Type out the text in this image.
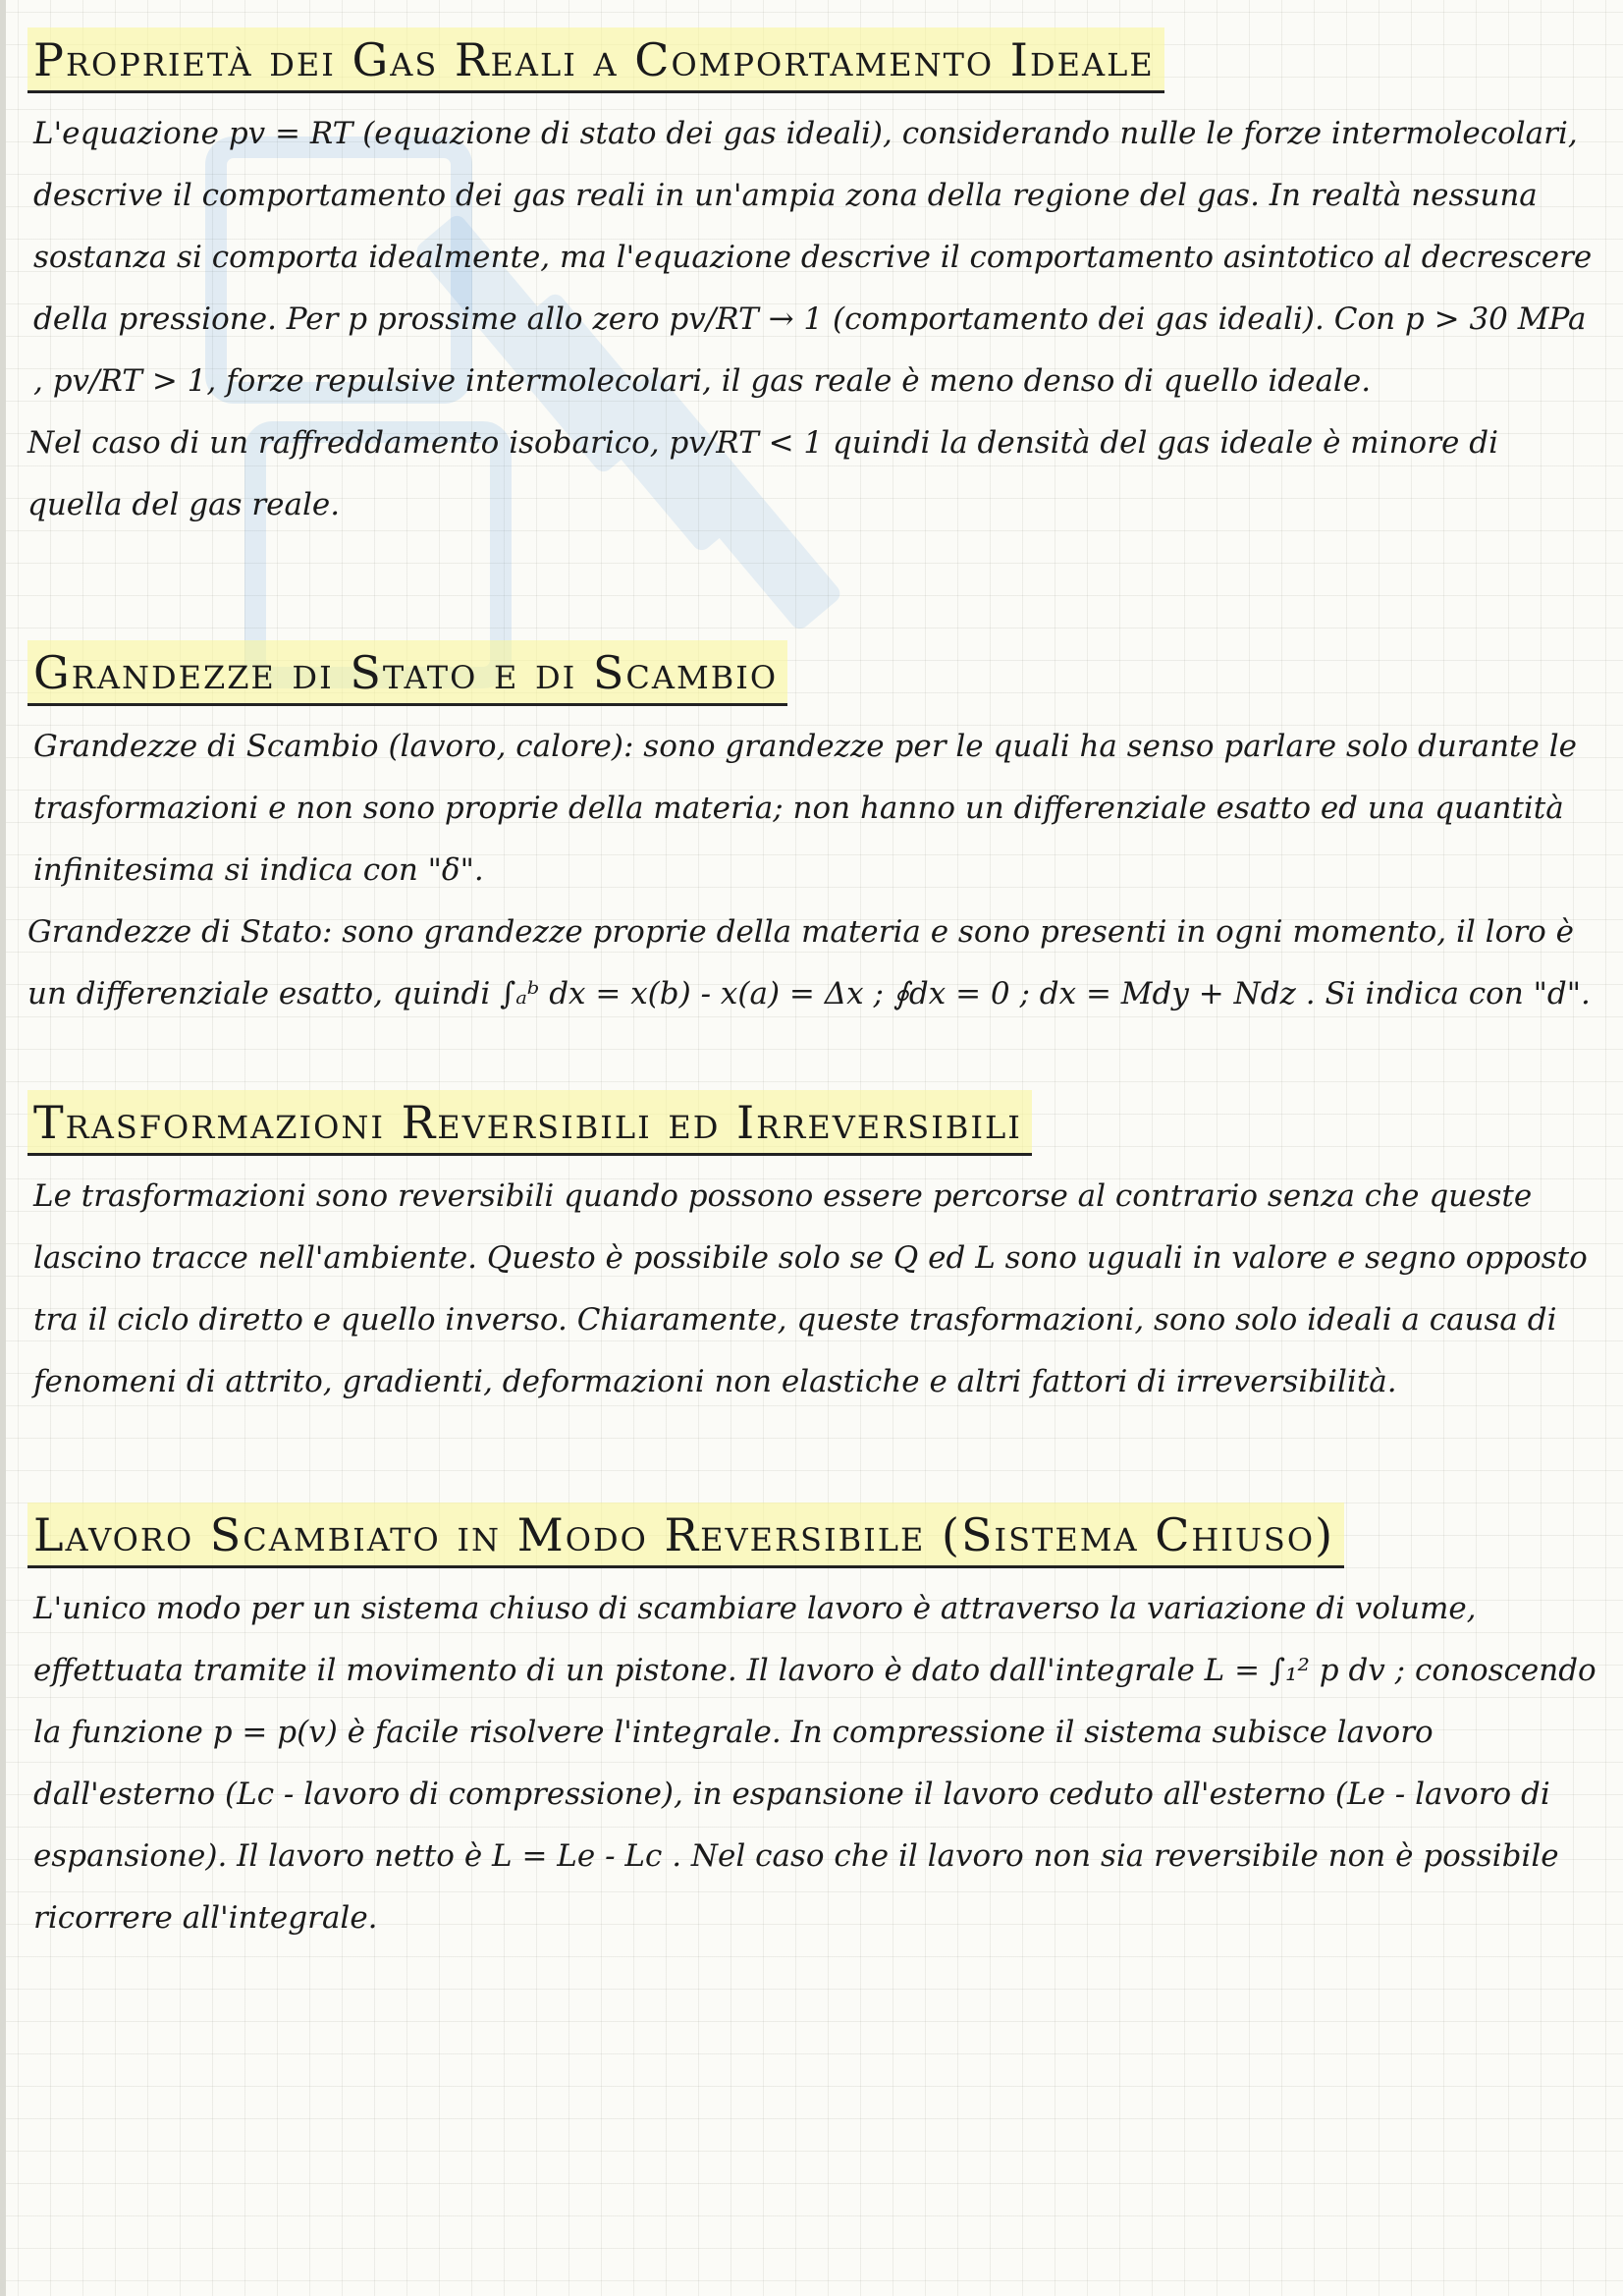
Proprietà dei Gas Reali a Comportamento Ideale

L'equazione pv = RT (equazione di stato dei gas ideali), considerando nulle le forze intermolecolari, descrive il comportamento dei gas reali in un'ampia zona della regione del gas. In realtà nessuna sostanza si comporta idealmente, ma l'equazione descrive il comportamento asintotico al decrescere della pressione. Per p prossime allo zero pv/RT → 1 (comportamento dei gas ideali). Con p > 30 MPa , pv/RT > 1, forze repulsive intermolecolari, il gas reale è meno denso di quello ideale.

Nel caso di un raffreddamento isobarico, pv/RT < 1 quindi la densità del gas ideale è minore di quella del gas reale.

Grandezze di Stato e di Scambio

Grandezze di Scambio (lavoro, calore): sono grandezze per le quali ha senso parlare solo durante le trasformazioni e non sono proprie della materia; non hanno un differenziale esatto ed una quantità infinitesima si indica con "δ".

Grandezze di Stato: sono grandezze proprie della materia e sono presenti in ogni momento, il loro è un differenziale esatto, quindi ∫ₐᵇ dx = x(b) - x(a) = Δx ; ∮dx = 0 ; dx = Mdy + Ndz . Si indica con "d".

Trasformazioni Reversibili ed Irreversibili

Le trasformazioni sono reversibili quando possono essere percorse al contrario senza che queste lascino tracce nell'ambiente. Questo è possibile solo se Q ed L sono uguali in valore e segno opposto tra il ciclo diretto e quello inverso. Chiaramente, queste trasformazioni, sono solo ideali a causa di fenomeni di attrito, gradienti, deformazioni non elastiche e altri fattori di irreversibilità.

Lavoro Scambiato in Modo Reversibile (Sistema Chiuso)

L'unico modo per un sistema chiuso di scambiare lavoro è attraverso la variazione di volume, effettuata tramite il movimento di un pistone. Il lavoro è dato dall'integrale L = ∫₁² p dv ; conoscendo la funzione p = p(v) è facile risolvere l'integrale. In compressione il sistema subisce lavoro dall'esterno (Lc - lavoro di compressione), in espansione il lavoro ceduto all'esterno (Le - lavoro di espansione). Il lavoro netto è L = Le - Lc . Nel caso che il lavoro non sia reversibile non è possibile ricorrere all'integrale.
